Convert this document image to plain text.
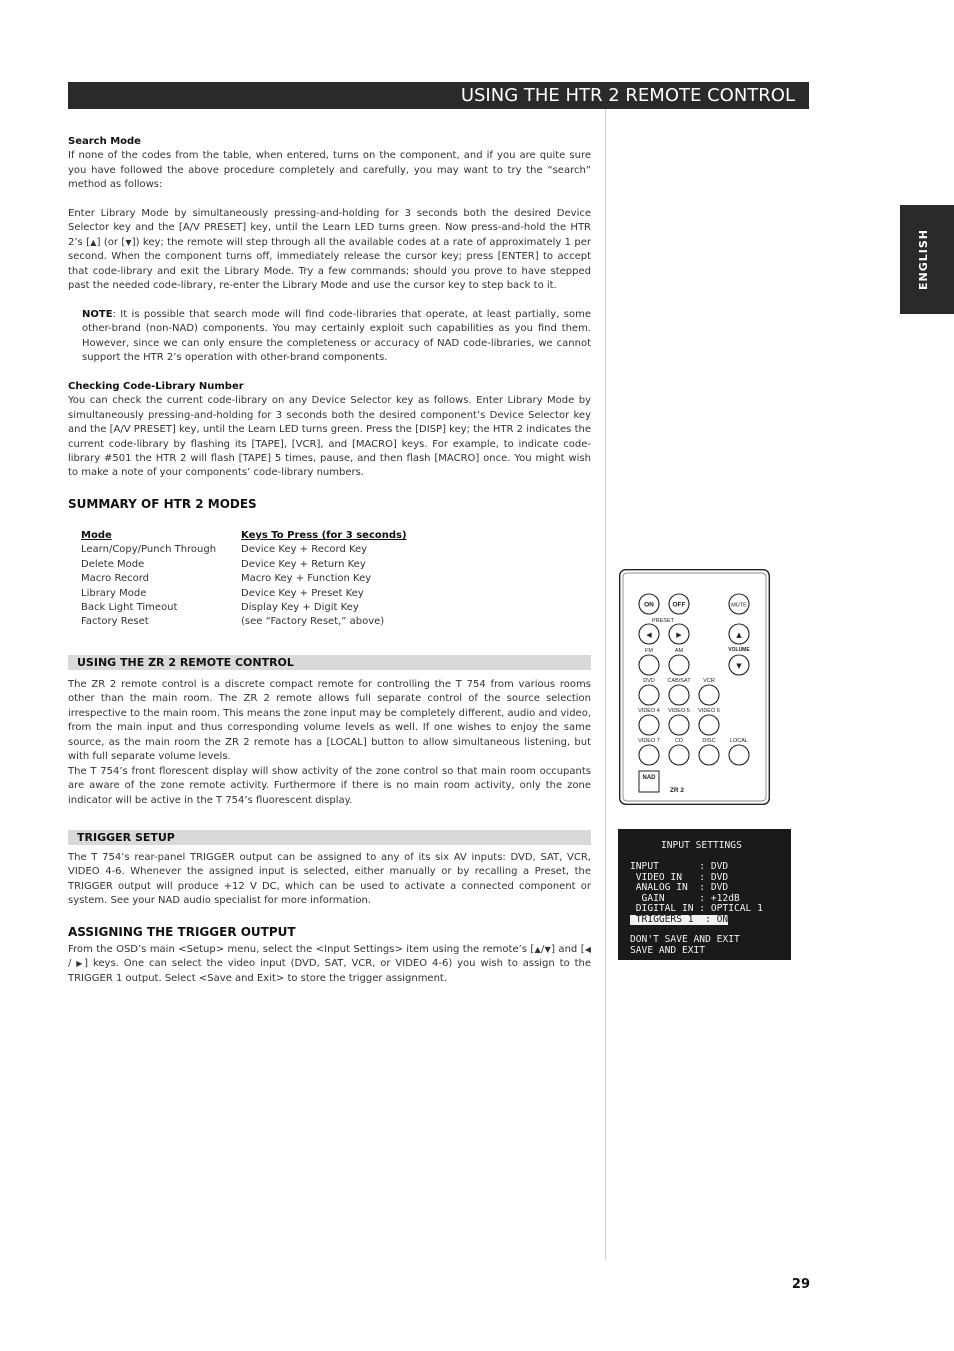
USING THE HTR 2 REMOTE CONTROL
ENGLISH
Search Mode
If none of the codes from the table, when entered, turns on the component, and if you are quite sure you have followed the above procedure completely and carefully, you may want to try the “search” method as follows:
Enter Library Mode by simultaneously pressing-and-holding for 3 seconds both the desired Device Selector key and the [A/V PRESET] key, until the Learn LED turns green. Now press-and-hold the HTR 2’s [▲] (or [▼]) key; the remote will step through all the available codes at a rate of approximately 1 per second. When the component turns off, immediately release the cursor key; press [ENTER] to accept that code-library and exit the Library Mode. Try a few commands; should you prove to have stepped past the needed code-library, re-enter the Library Mode and use the cursor key to step back to it.
NOTE: It is possible that search mode will find code-libraries that operate, at least partially, some other-brand (non-NAD) components. You may certainly exploit such capabilities as you find them. However, since we can only ensure the completeness or accuracy of NAD code-libraries, we cannot support the HTR 2’s operation with other-brand components.
Checking Code-Library Number
You can check the current code-library on any Device Selector key as follows. Enter Library Mode by simultaneously pressing-and-holding for 3 seconds both the desired component’s Device Selector key and the [A/V PRESET] key, until the Learn LED turns green. Press the [DISP] key; the HTR 2 indicates the current code-library by flashing its [TAPE], [VCR], and [MACRO] keys. For example, to indicate code-library #501 the HTR 2 will flash [TAPE] 5 times, pause, and then flash [MACRO] once. You might wish to make a note of your components’ code-library numbers.
SUMMARY OF HTR 2 MODES
Mode	Keys To Press (for 3 seconds)
Learn/Copy/Punch Through	Device Key + Record Key
Delete Mode	Device Key + Return Key
Macro Record	Macro Key + Function Key
Library Mode	Device Key + Preset Key
Back Light Timeout	Display Key + Digit Key
Factory Reset	(see “Factory Reset,” above)
USING THE ZR 2 REMOTE CONTROL
The ZR 2 remote control is a discrete compact remote for controlling the T 754 from various rooms other than the main room. The ZR 2 remote allows full separate control of the source selection irrespective to the main room. This means the zone input may be completely different, audio and video, from the main input and thus corresponding volume levels as well. If one wishes to enjoy the same source, as the main room the ZR 2 remote has a [LOCAL] button to allow simultaneous listening, but with full separate volume levels.
The T 754’s front florescent display will show activity of the zone control so that main room occupants are aware of the zone remote activity. Furthermore if there is no main room activity, only the zone indicator will be active in the T 754’s fluorescent display.
TRIGGER SETUP
The T 754’s rear-panel TRIGGER output can be assigned to any of its six AV inputs: DVD, SAT, VCR, VIDEO 4-6. Whenever the assigned input is selected, either manually or by recalling a Preset, the TRIGGER output will produce +12 V DC, which can be used to activate a connected component or system. See your NAD audio specialist for more information.
ASSIGNING THE TRIGGER OUTPUT
From the OSD’s main <Setup> menu, select the <Input Settings> item using the remote’s [▲/▼] and [◀ / ▶] keys. One can select the video input (DVD, SAT, VCR, or VIDEO 4-6) you wish to assign to the TRIGGER 1 output. Select <Save and Exit> to store the trigger assignment.
ON	OFF	MUTE
PRESET
◀	▶	▲
VOLUME
▼
FM	AM
DVD CAB/SAT VCR
VIDEO 4 VIDEO 5 VIDEO 6
VIDEO 7	CD	DISC	LOCAL
NAD
ZR 2
INPUT SETTINGS
INPUT       : DVD
VIDEO IN   : DVD
ANALOG IN  : DVD
GAIN      : +12dB
DIGITAL IN : OPTICAL 1
TRIGGERS 1  : ON
DON'T SAVE AND EXIT
SAVE AND EXIT
29
